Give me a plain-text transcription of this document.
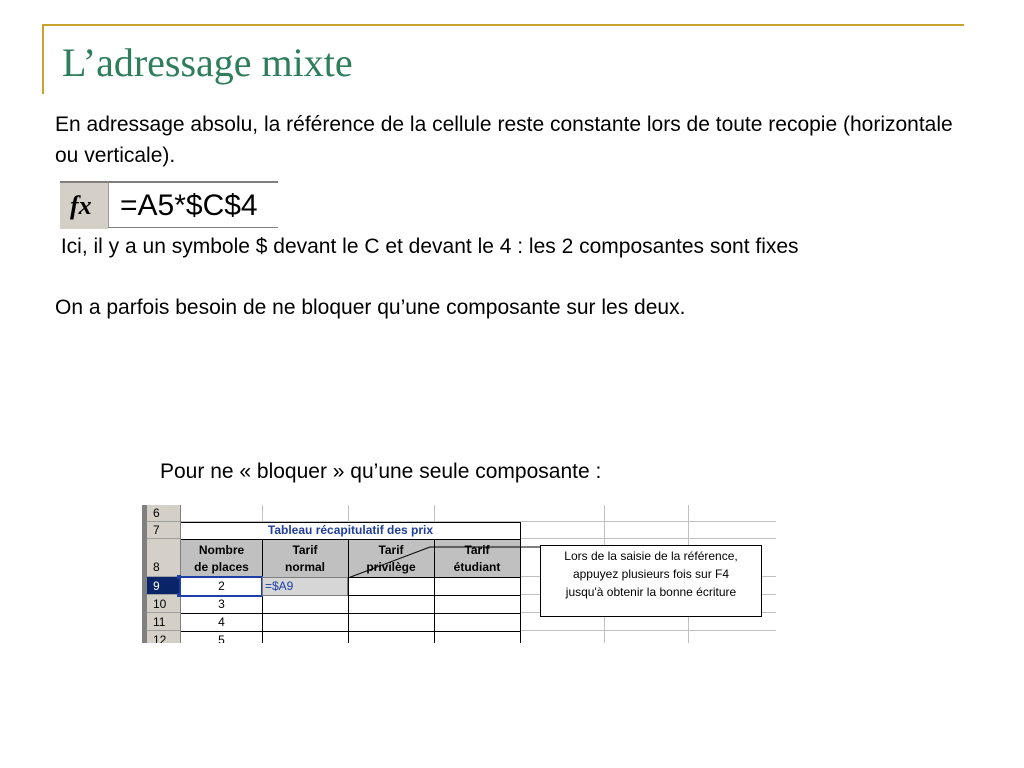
L’adressage mixte
En adressage absolu, la référence de la cellule reste constante lors de toute recopie (horizontale ou verticale).
fx =A5*$C$4
Ici, il y a un symbole $ devant le C et devant le 4 : les 2 composantes sont fixes
On a parfois besoin de ne bloquer qu’une composante sur les deux.
Pour ne « bloquer » qu’une seule composante :
6
7
8
9
10
11
12
Tableau récapitulatif des prix
Nombre
de places
Tarif
normal
Tarif
privilège
Tarif
étudiant
2
3
4
5
=$A9
Lors de la saisie de la référence,
appuyez plusieurs fois sur F4
jusqu'à obtenir la bonne écriture
